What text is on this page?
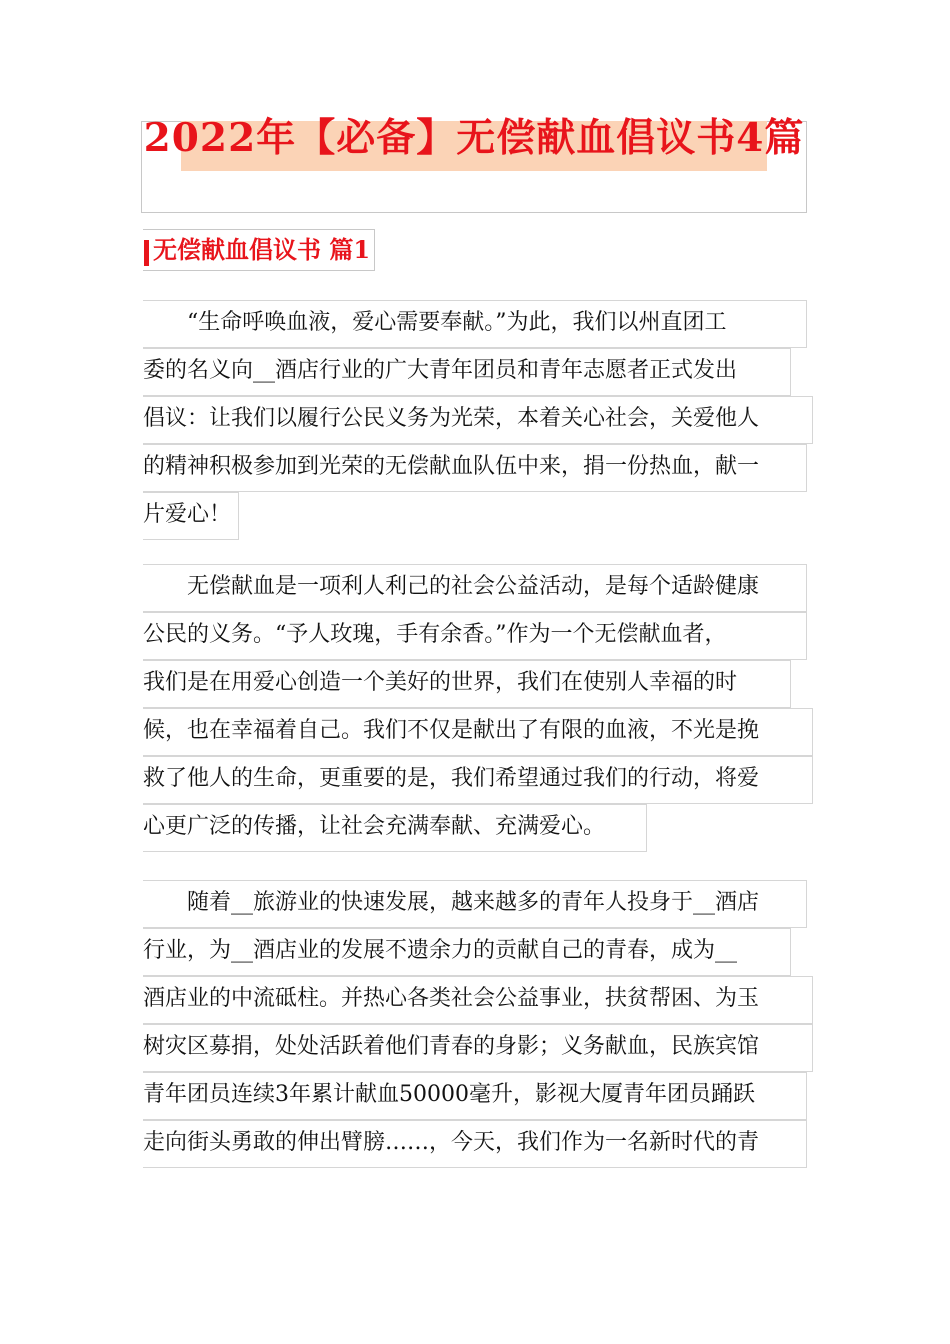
2022年【必备】无偿献血倡议书4篇
无偿献血倡议书 篇1
　　“生命呼唤血液，爱心需要奉献。”为此，我们以州直团工
委的名义向__酒店行业的广大青年团员和青年志愿者正式发出
倡议：让我们以履行公民义务为光荣，本着关心社会，关爱他人
的精神积极参加到光荣的无偿献血队伍中来，捐一份热血，献一
片爱心！
　　无偿献血是一项利人利己的社会公益活动，是每个适龄健康
公民的义务。“予人玫瑰，手有余香。”作为一个无偿献血者，
我们是在用爱心创造一个美好的世界，我们在使别人幸福的时
候，也在幸福着自己。我们不仅是献出了有限的血液，不光是挽
救了他人的生命，更重要的是，我们希望通过我们的行动，将爱
心更广泛的传播，让社会充满奉献、充满爱心。
　　随着__旅游业的快速发展，越来越多的青年人投身于__酒店
行业，为__酒店业的发展不遗余力的贡献自己的青春，成为__
酒店业的中流砥柱。并热心各类社会公益事业，扶贫帮困、为玉
树灾区募捐，处处活跃着他们青春的身影；义务献血，民族宾馆
青年团员连续3年累计献血50000毫升，影视大厦青年团员踊跃
走向街头勇敢的伸出臂膀……，今天，我们作为一名新时代的青
